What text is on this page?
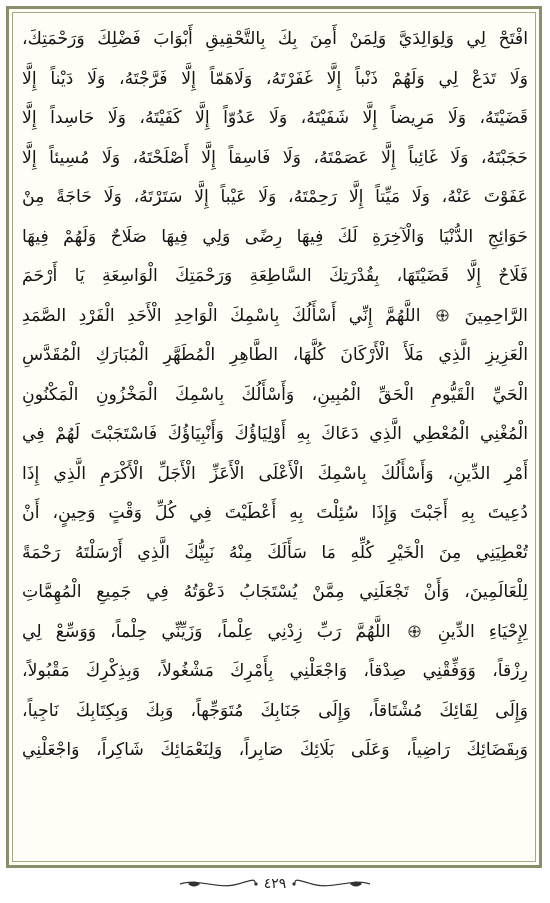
افْتَحْ لِي وَلِوَالِدَيَّ وَلِمَنْ أَمِنَ بِكَ بِالتَّحْقِيقِ أَبْوَابَ فَضْلِكَ وَرَحْمَتِكَ،
وَلَا تَدَعْ لِي وَلَهُمْ ذَنْباً إِلَّا غَفَرْتَهُ، وَلَاهَمّاً إِلَّا فَرَّجْتَهُ، وَلَا دَيْناً إِلَّا
قَضَيْتَهُ، وَلَا مَرِيضاً إِلَّا شَفَيْتَهُ، وَلَا عَدُوّاً إِلَّا كَفَيْتَهُ، وَلَا حَاسِداً إِلَّا
حَجَبْتَهُ، وَلَا غَائِباً إِلَّا عَصَمْتَهُ، وَلَا فَاسِقاً إِلَّا أَصْلَحْتَهُ، وَلَا مُسِيئاً إِلَّا
عَفَوْتَ عَنْهُ، وَلَا مَيِّتاً إِلَّا رَحِمْتَهُ، وَلَا عَيْباً إِلَّا سَتَرْتَهُ، وَلَا حَاجَةً مِنْ
حَوَائِجِ الدُّنْيَا وَالْآخِرَةِ لَكَ فِيهَا رِضًى وَلِي فِيهَا صَلَاحٌ وَلَهُمْ فِيهَا
فَلَاحٌ إِلَّا قَضَيْتَهَا، بِقُدْرَتِكَ السَّاطِعَةِ وَرَحْمَتِكَ الْوَاسِعَةِ يَا أَرْحَمَ
الرَّاحِمِينَ  اللَّهُمَّ إِنِّي أَسْأَلُكَ بِاسْمِكَ الْوَاحِدِ الْأَحَدِ الْفَرْدِ الصَّمَدِ
الْعَزِيزِ الَّذِي مَلَأَ الْأَرْكَانَ كُلَّهَا، الطَّاهِرِ الْمُطَهَّرِ الْمُبَارَكِ الْمُقَدَّسِ
الْحَيِّ الْقَيُّومِ الْحَقِّ الْمُبِينِ، وَأَسْأَلُكَ بِاسْمِكَ الْمَخْزُونِ الْمَكْنُونِ
الْمُغْنِي الْمُعْطِي الَّذِي دَعَاكَ بِهِ أَوْلِيَاؤُكَ وَأَنْبِيَاؤُكَ فَاسْتَجَبْتَ لَهُمْ فِي
أَمْرِ الدِّينِ، وَأَسْأَلُكَ بِاسْمِكَ الْأَعْلَى الْأَعَزِّ الْأَجَلِّ الْأَكْرَمِ الَّذِي إِذَا
دُعِيتَ بِهِ أَجَبْتَ وَإِذَا سُئِلْتَ بِهِ أَعْطَيْتَ فِي كُلِّ وَقْتٍ وَحِينٍ، أَنْ
تُعْطِيَنِي مِنَ الْخَيْرِ كُلِّهِ مَا سَأَلَكَ مِنْهُ نَبِيُّكَ الَّذِي أَرْسَلْتَهُ رَحْمَةً
لِلْعَالَمِينَ، وَأَنْ تَجْعَلَنِي مِمَّنْ يُسْتَجَابُ دَعْوَتُهُ فِي جَمِيعِ الْمُهِمَّاتِ
لِإِحْيَاءِ الدِّينِ  اللَّهُمَّ رَبِّ زِدْنِي عِلْماً، وَزَيِّنِّي حِلْماً، وَوَسِّعْ لِي
رِزْقاً، وَوَفِّقْنِي صِدْقاً، وَاجْعَلْنِي بِأَمْرِكَ مَشْغُولاً، وَبِذِكْرِكَ مَقْبُولاً،
وَإِلَى لِقَائِكَ مُشْتَاقاً، وَإِلَى جَنَابِكَ مُتَوَجِّهاً، وَبِكَ وَبِكِتَابِكَ نَاجِياً،
وَبِقَضَائِكَ رَاضِياً، وَعَلَى بَلَائِكَ صَابِراً، وَلِنَعْمَائِكَ شَاكِراً، وَاجْعَلْنِي
٤٢٩
